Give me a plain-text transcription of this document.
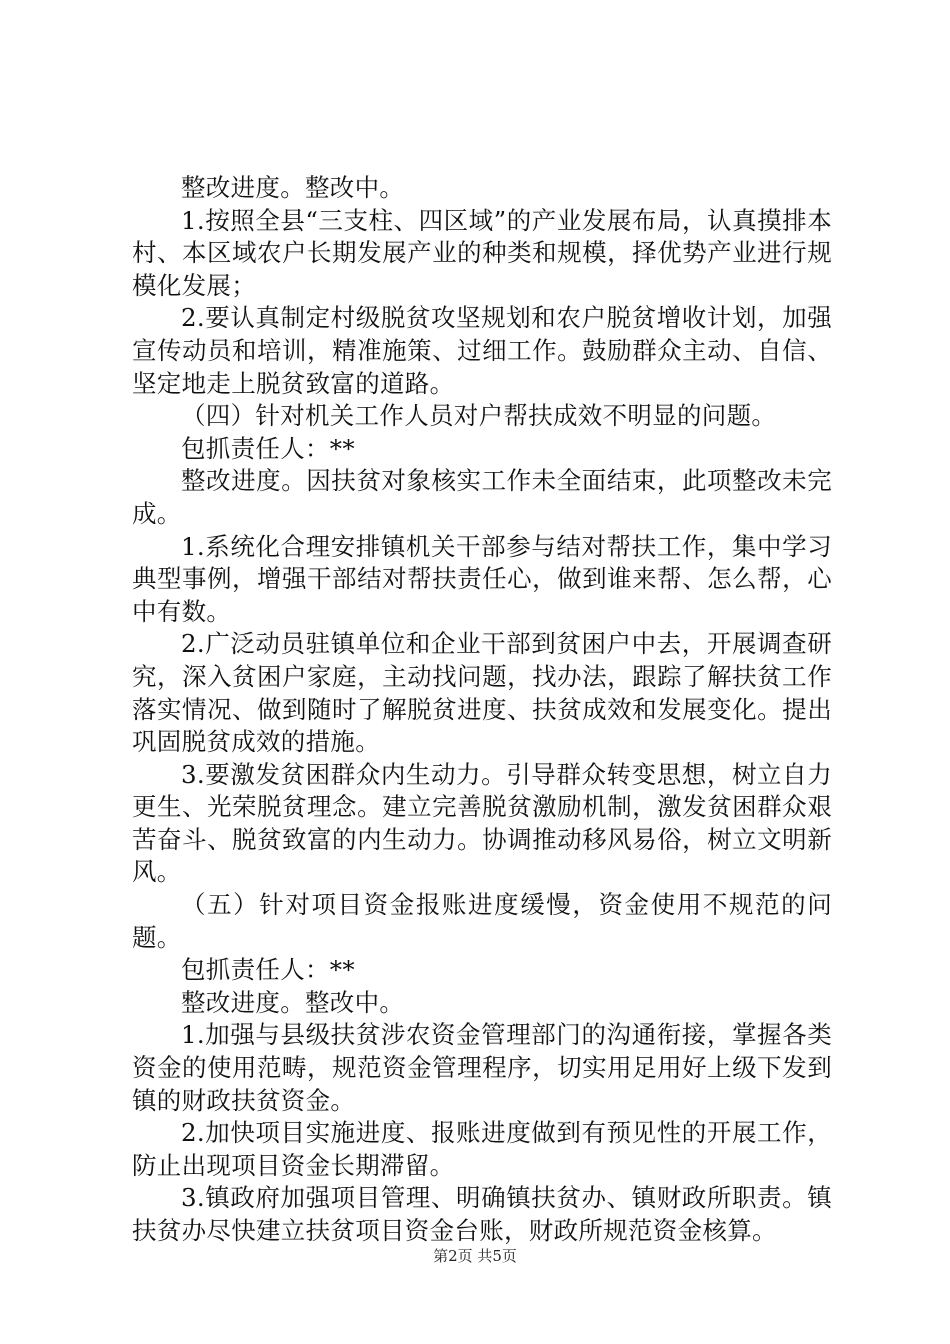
整改进度。整改中。

1.按照全县“三支柱、四区域”的产业发展布局，认真摸排本村、本区域农户长期发展产业的种类和规模，择优势产业进行规模化发展；

2.要认真制定村级脱贫攻坚规划和农户脱贫增收计划，加强宣传动员和培训，精准施策、过细工作。鼓励群众主动、自信、坚定地走上脱贫致富的道路。

（四）针对机关工作人员对户帮扶成效不明显的问题。

包抓责任人：**

整改进度。因扶贫对象核实工作未全面结束，此项整改未完成。

1.系统化合理安排镇机关干部参与结对帮扶工作，集中学习典型事例，增强干部结对帮扶责任心，做到谁来帮、怎么帮，心中有数。

2.广泛动员驻镇单位和企业干部到贫困户中去，开展调查研究，深入贫困户家庭，主动找问题，找办法，跟踪了解扶贫工作落实情况、做到随时了解脱贫进度、扶贫成效和发展变化。提出巩固脱贫成效的措施。

3.要激发贫困群众内生动力。引导群众转变思想，树立自力更生、光荣脱贫理念。建立完善脱贫激励机制，激发贫困群众艰苦奋斗、脱贫致富的内生动力。协调推动移风易俗，树立文明新风。

（五）针对项目资金报账进度缓慢，资金使用不规范的问题。

包抓责任人：**

整改进度。整改中。

1.加强与县级扶贫涉农资金管理部门的沟通衔接，掌握各类资金的使用范畴，规范资金管理程序，切实用足用好上级下发到镇的财政扶贫资金。

2.加快项目实施进度、报账进度做到有预见性的开展工作，防止出现项目资金长期滞留。

3.镇政府加强项目管理、明确镇扶贫办、镇财政所职责。镇扶贫办尽快建立扶贫项目资金台账，财政所规范资金核算。

第2页 共5页
